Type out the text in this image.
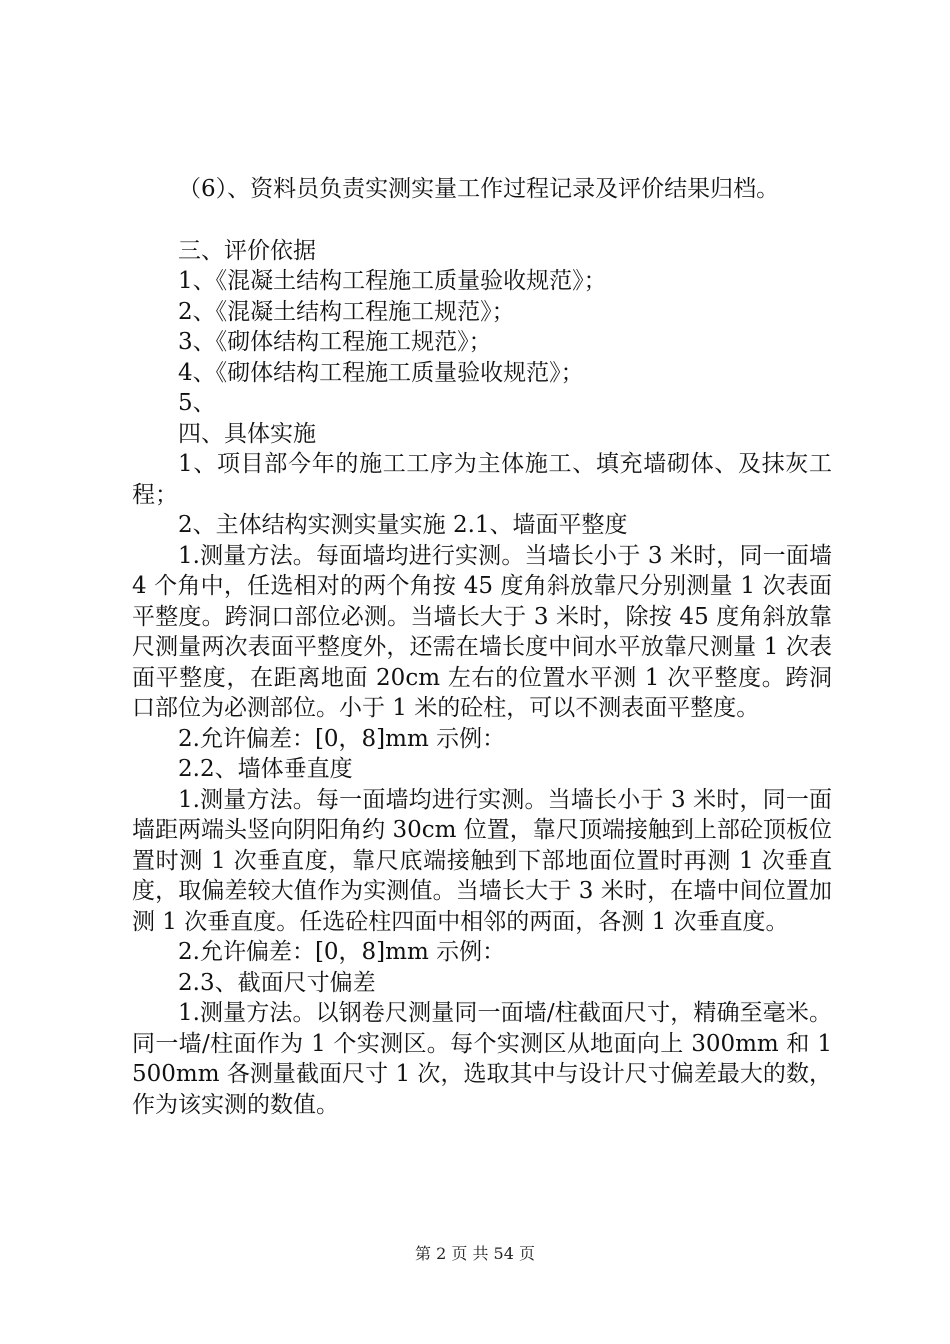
（6）、资料员负责实测实量工作过程记录及评价结果归档。

三、评价依据

1、《混凝土结构工程施工质量验收规范》；

2、《混凝土结构工程施工规范》；

3、《砌体结构工程施工规范》；

4、《砌体结构工程施工质量验收规范》；

5、

四、具体实施

1、项目部今年的施工工序为主体施工、填充墙砌体、及抹灰工程；

2、主体结构实测实量实施 2.1、墙面平整度

1.测量方法。每面墙均进行实测。当墙长小于 3 米时，同一面墙 4 个角中，任选相对的两个角按 45 度角斜放靠尺分别测量 1 次表面平整度。跨洞口部位必测。当墙长大于 3 米时，除按 45 度角斜放靠尺测量两次表面平整度外，还需在墙长度中间水平放靠尺测量 1 次表面平整度，在距离地面 20cm 左右的位置水平测 1 次平整度。跨洞口部位为必测部位。小于 1 米的砼柱，可以不测表面平整度。

2.允许偏差：[0，8]mm 示例：

2.2、墙体垂直度

1.测量方法。每一面墙均进行实测。当墙长小于 3 米时，同一面墙距两端头竖向阴阳角约 30cm 位置，靠尺顶端接触到上部砼顶板位置时测 1 次垂直度，靠尺底端接触到下部地面位置时再测 1 次垂直度，取偏差较大值作为实测值。当墙长大于 3 米时，在墙中间位置加测 1 次垂直度。任选砼柱四面中相邻的两面，各测 1 次垂直度。

2.允许偏差：[0，8]mm 示例：

2.3、截面尺寸偏差

1.测量方法。以钢卷尺测量同一面墙/柱截面尺寸，精确至毫米。同一墙/柱面作为 1 个实测区。每个实测区从地面向上 300mm 和 1500mm 各测量截面尺寸 1 次，选取其中与设计尺寸偏差最大的数，作为该实测的数值。

第 2 页 共 54 页
